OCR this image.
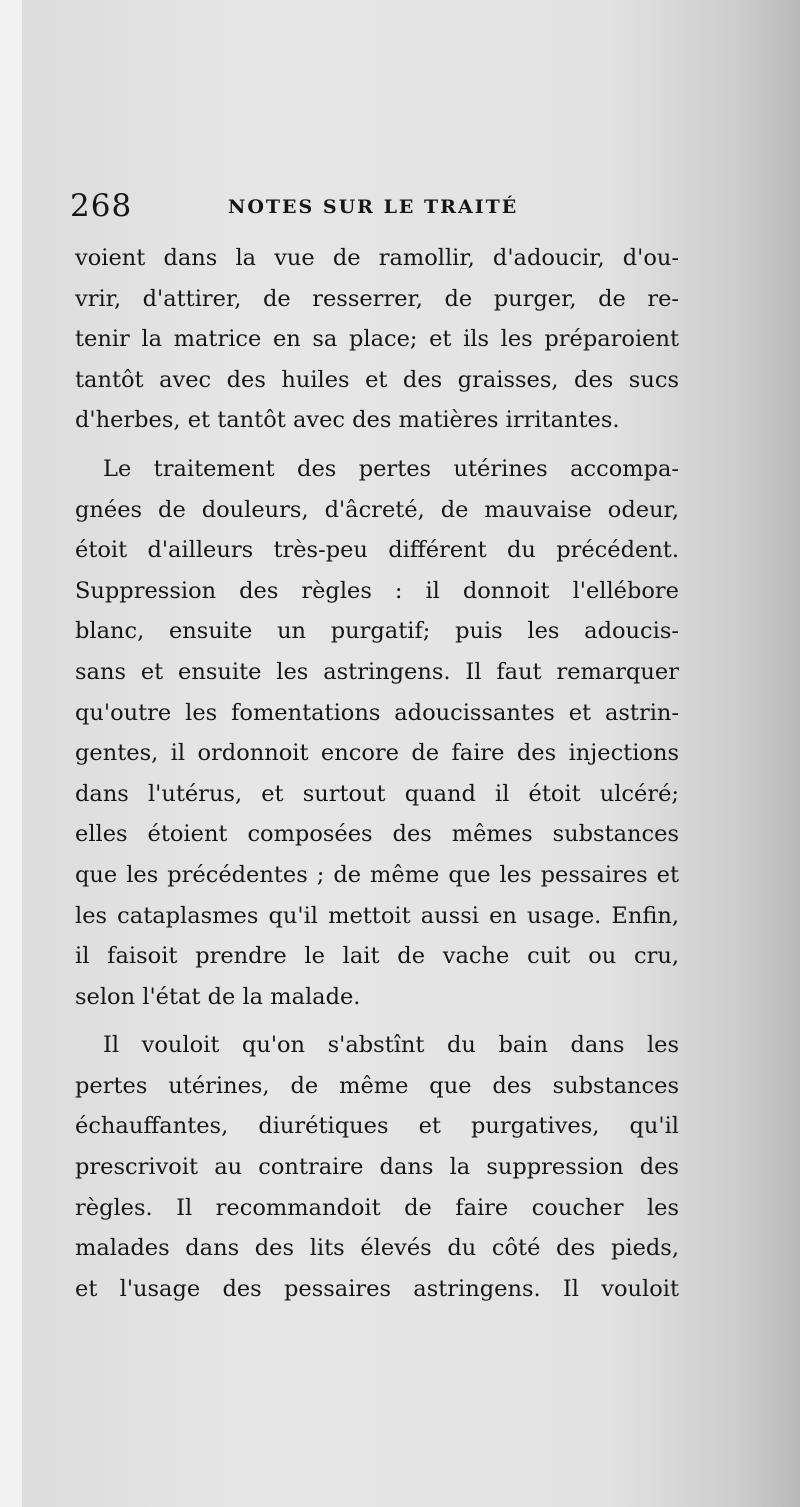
268	NOTES SUR LE TRAITÉ
voient dans la vue de ramollir, d'adoucir, d'ou-
vrir, d'attirer, de resserrer, de purger, de re-
tenir la matrice en sa place; et ils les préparoient
tantôt avec des huiles et des graisses, des sucs
d'herbes, et tantôt avec des matières irritantes.
Le traitement des pertes utérines accompa-
gnées de douleurs, d'âcreté, de mauvaise odeur,
étoit d'ailleurs très-peu différent du précédent.
Suppression des règles : il donnoit l'ellébore
blanc, ensuite un purgatif; puis les adoucis-
sans et ensuite les astringens. Il faut remarquer
qu'outre les fomentations adoucissantes et astrin-
gentes, il ordonnoit encore de faire des injections
dans l'utérus, et surtout quand il étoit ulcéré;
elles étoient composées des mêmes substances
que les précédentes ; de même que les pessaires et
les cataplasmes qu'il mettoit aussi en usage. Enfin,
il faisoit prendre le lait de vache cuit ou cru,
selon l'état de la malade.
Il vouloit qu'on s'abstînt du bain dans les
pertes utérines, de même que des substances
échauffantes, diurétiques et purgatives, qu'il
prescrivoit au contraire dans la suppression des
règles. Il recommandoit de faire coucher les
malades dans des lits élevés du côté des pieds,
et l'usage des pessaires astringens. Il vouloit
